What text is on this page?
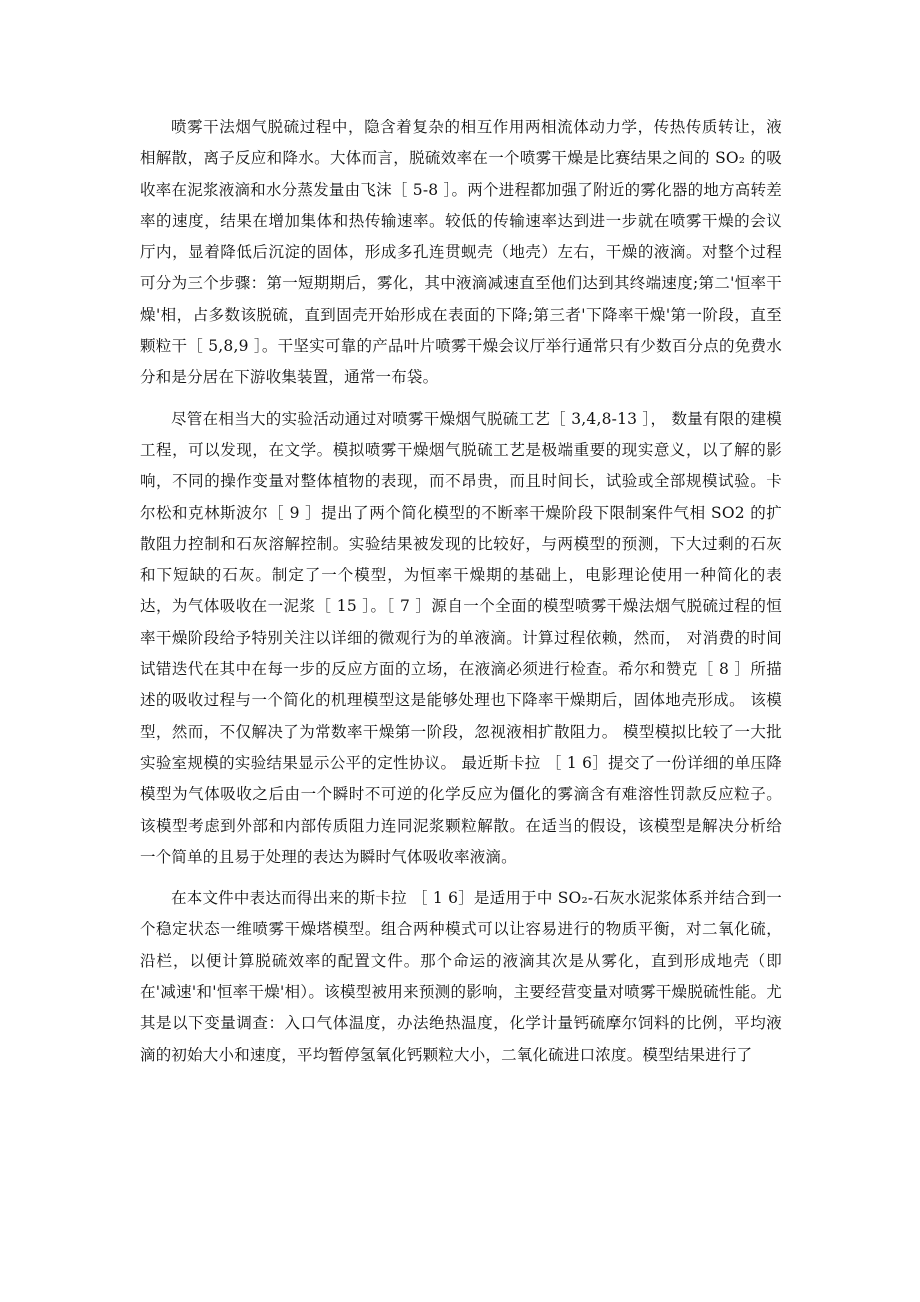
喷雾干法烟气脱硫过程中，隐含着复杂的相互作用两相流体动力学，传热传质转让，液相解散，离子反应和降水。大体而言，脱硫效率在一个喷雾干燥是比赛结果之间的 SO₂ 的吸收率在泥浆液滴和水分蒸发量由飞沫［ 5-8 ］。两个进程都加强了附近的雾化器的地方高转差率的速度，结果在增加集体和热传输速率。较低的传输速率达到进一步就在喷雾干燥的会议厅内，显着降低后沉淀的固体，形成多孔连贯蚬壳（地壳）左右，干燥的液滴。对整个过程可分为三个步骤：第一短期期后，雾化，其中液滴减速直至他们达到其终端速度;第二'恒率干燥'相，占多数该脱硫，直到固壳开始形成在表面的下降;第三者'下降率干燥'第一阶段，直至颗粒干［ 5,8,9 ］。干坚实可靠的产品叶片喷雾干燥会议厅举行通常只有少数百分点的免费水分和是分居在下游收集装置，通常一布袋。

尽管在相当大的实验活动通过对喷雾干燥烟气脱硫工艺［ 3,4,8-13 ］， 数量有限的建模工程，可以发现，在文学。模拟喷雾干燥烟气脱硫工艺是极端重要的现实意义，以了解的影响，不同的操作变量对整体植物的表现，而不昂贵，而且时间长，试验或全部规模试验。卡尔松和克林斯波尔［ 9 ］提出了两个简化模型的不断率干燥阶段下限制案件气相 SO2 的扩散阻力控制和石灰溶解控制。实验结果被发现的比较好，与两模型的预测，下大过剩的石灰和下短缺的石灰。制定了一个模型，为恒率干燥期的基础上，电影理论使用一种简化的表达，为气体吸收在一泥浆［ 15 ］。［ 7 ］源自一个全面的模型喷雾干燥法烟气脱硫过程的恒率干燥阶段给予特别关注以详细的微观行为的单液滴。计算过程依赖，然而， 对消费的时间试错迭代在其中在每一步的反应方面的立场，在液滴必须进行检查。希尔和赞克［ 8 ］所描述的吸收过程与一个简化的机理模型这是能够处理也下降率干燥期后，固体地壳形成。 该模型，然而，不仅解决了为常数率干燥第一阶段，忽视液相扩散阻力。 模型模拟比较了一大批实验室规模的实验结果显示公平的定性协议。 最近斯卡拉 ［ 1 6］提交了一份详细的单压降模型为气体吸收之后由一个瞬时不可逆的化学反应为僵化的雾滴含有难溶性罚款反应粒子。该模型考虑到外部和内部传质阻力连同泥浆颗粒解散。在适当的假设，该模型是解决分析给一个简单的且易于处理的表达为瞬时气体吸收率液滴。

在本文件中表达而得出来的斯卡拉 ［ 1 6］是适用于中 SO₂-石灰水泥浆体系并结合到一个稳定状态一维喷雾干燥塔模型。组合两种模式可以让容易进行的物质平衡，对二氧化硫，沿栏，以便计算脱硫效率的配置文件。那个命运的液滴其次是从雾化，直到形成地壳（即在'减速'和'恒率干燥'相）。该模型被用来预测的影响，主要经营变量对喷雾干燥脱硫性能。尤其是以下变量调查：入口气体温度，办法绝热温度，化学计量钙硫摩尔饲料的比例，平均液滴的初始大小和速度，平均暂停氢氧化钙颗粒大小，二氧化硫进口浓度。模型结果进行了
